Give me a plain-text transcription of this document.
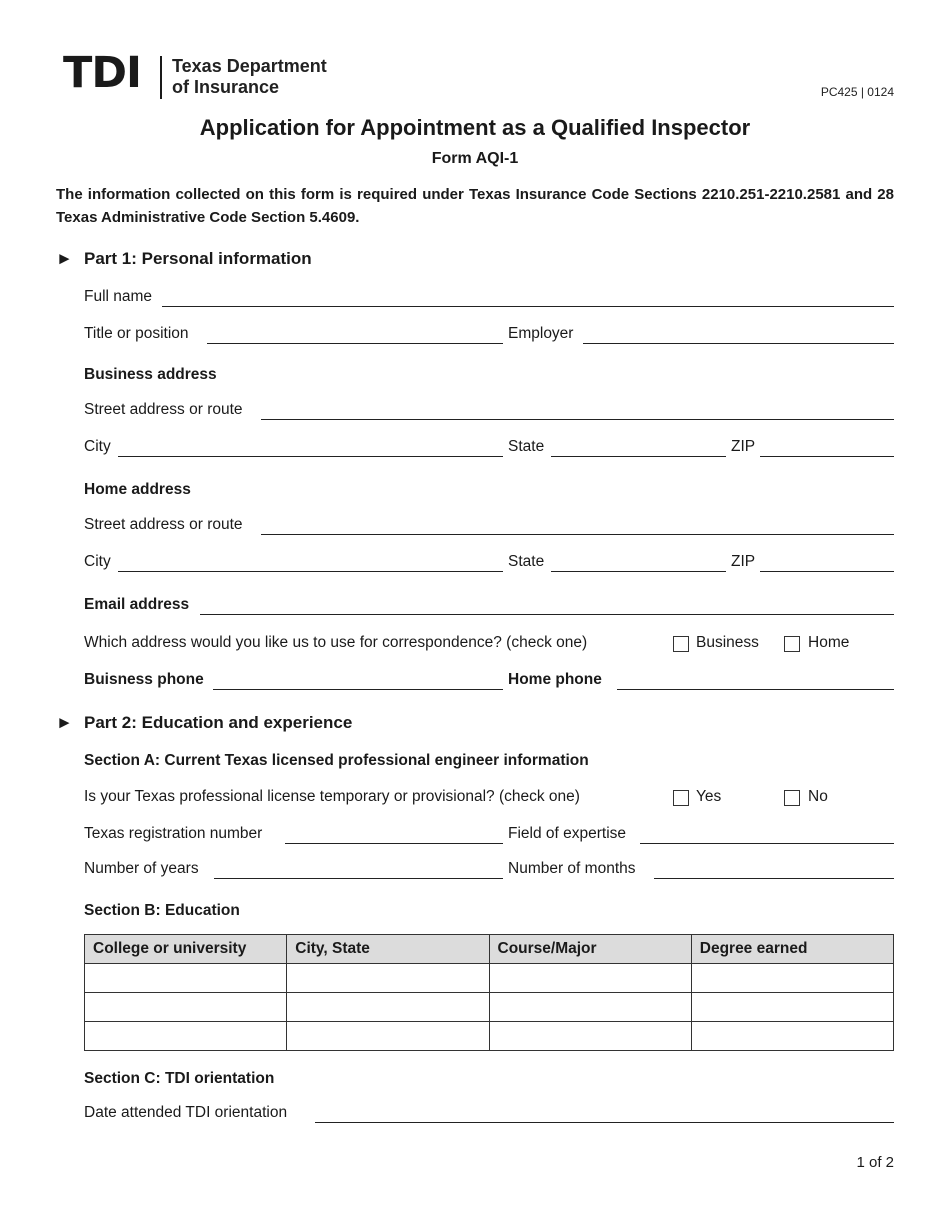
TDI Texas Department
of Insurance	PC425 | 0124
Application for Appointment as a Qualified Inspector
Form AQI-1
The information collected on this form is required under Texas Insurance Code Sections 2210.251-2210.2581 and 28 Texas Administrative Code Section 5.4609.
► Part 1: Personal information
Full name
Title or position	Employer
Business address
Street address or route
City	State	ZIP
Home address
Street address or route
City	State	ZIP
Email address
Which address would you like us to use for correspondence? (check one)	Business	Home
Buisness phone	Home phone
► Part 2: Education and experience
Section A: Current Texas licensed professional engineer information
Is your Texas professional license temporary or provisional? (check one)	Yes	No
Texas registration number	Field of expertise
Number of years	Number of months
Section B: Education
College or university	City, State	Course/Major	Degree earned

Section C: TDI orientation
Date attended TDI orientation
1 of 2
